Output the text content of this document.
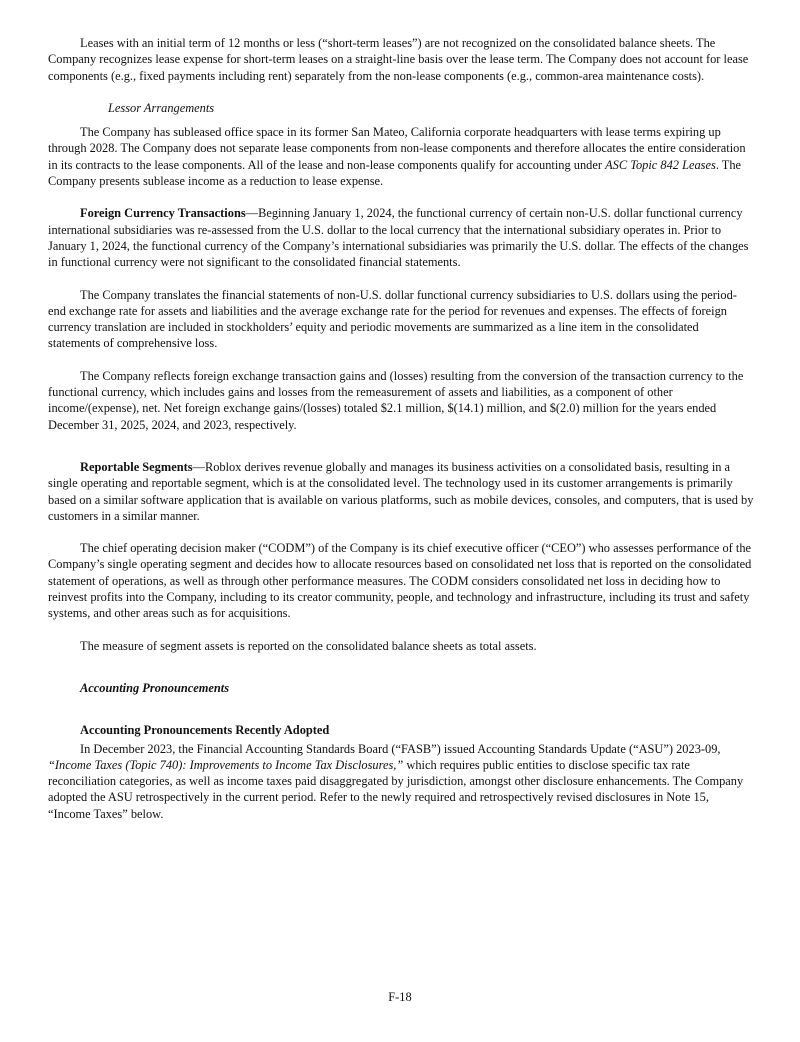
Leases with an initial term of 12 months or less (“short-term leases”) are not recognized on the consolidated balance sheets. The Company recognizes lease expense for short-term leases on a straight-line basis over the lease term. The Company does not account for lease components (e.g., fixed payments including rent) separately from the non-lease components (e.g., common-area maintenance costs).

Lessor Arrangements

The Company has subleased office space in its former San Mateo, California corporate headquarters with lease terms expiring up through 2028. The Company does not separate lease components from non-lease components and therefore allocates the entire consideration in its contracts to the lease components. All of the lease and non-lease components qualify for accounting under ASC Topic 842 Leases. The Company presents sublease income as a reduction to lease expense.

Foreign Currency Transactions—Beginning January 1, 2024, the functional currency of certain non-U.S. dollar functional currency international subsidiaries was re-assessed from the U.S. dollar to the local currency that the international subsidiary operates in. Prior to January 1, 2024, the functional currency of the Company’s international subsidiaries was primarily the U.S. dollar. The effects of the changes in functional currency were not significant to the consolidated financial statements.

The Company translates the financial statements of non-U.S. dollar functional currency subsidiaries to U.S. dollars using the period-end exchange rate for assets and liabilities and the average exchange rate for the period for revenues and expenses. The effects of foreign currency translation are included in stockholders’ equity and periodic movements are summarized as a line item in the consolidated statements of comprehensive loss.

The Company reflects foreign exchange transaction gains and (losses) resulting from the conversion of the transaction currency to the functional currency, which includes gains and losses from the remeasurement of assets and liabilities, as a component of other income/(expense), net. Net foreign exchange gains/(losses) totaled $2.1 million, $(14.1) million, and $(2.0) million for the years ended December 31, 2025, 2024, and 2023, respectively.

Reportable Segments—Roblox derives revenue globally and manages its business activities on a consolidated basis, resulting in a single operating and reportable segment, which is at the consolidated level. The technology used in its customer arrangements is primarily based on a similar software application that is available on various platforms, such as mobile devices, consoles, and computers, that is used by customers in a similar manner.

The chief operating decision maker (“CODM”) of the Company is its chief executive officer (“CEO”) who assesses performance of the Company’s single operating segment and decides how to allocate resources based on consolidated net loss that is reported on the consolidated statement of operations, as well as through other performance measures. The CODM considers consolidated net loss in deciding how to reinvest profits into the Company, including to its creator community, people, and technology and infrastructure, including its trust and safety systems, and other areas such as for acquisitions.

The measure of segment assets is reported on the consolidated balance sheets as total assets.

Accounting Pronouncements

Accounting Pronouncements Recently Adopted

In December 2023, the Financial Accounting Standards Board (“FASB”) issued Accounting Standards Update (“ASU”) 2023-09, “Income Taxes (Topic 740): Improvements to Income Tax Disclosures,” which requires public entities to disclose specific tax rate reconciliation categories, as well as income taxes paid disaggregated by jurisdiction, amongst other disclosure enhancements. The Company adopted the ASU retrospectively in the current period. Refer to the newly required and retrospectively revised disclosures in Note 15, “Income Taxes” below.

F-18
